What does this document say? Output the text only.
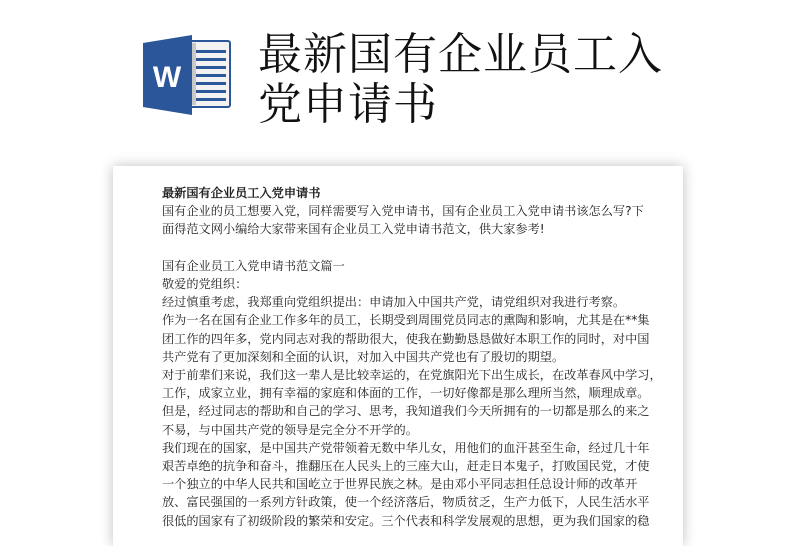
W 最新国有企业员工入党申请书

最新国有企业员工入党申请书

国有企业的员工想要入党，同样需要写入党申请书，国有企业员工入党申请书该怎么写?下

面得范文网小编给大家带来国有企业员工入党申请书范文，供大家参考!

国有企业员工入党申请书范文篇一

敬爱的党组织：

经过慎重考虑，我郑重向党组织提出：申请加入中国共产党，请党组织对我进行考察。

作为一名在国有企业工作多年的员工，长期受到周围党员同志的熏陶和影响，尤其是在**集

团工作的四年多，党内同志对我的帮助很大，使我在勤勤恳恳做好本职工作的同时，对中国

共产党有了更加深刻和全面的认识，对加入中国共产党也有了殷切的期望。

对于前辈们来说，我们这一辈人是比较幸运的，在党旗阳光下出生成长，在改革春风中学习，

工作，成家立业，拥有幸福的家庭和体面的工作，一切好像都是那么理所当然，顺理成章。

但是，经过同志的帮助和自己的学习、思考，我知道我们今天所拥有的一切都是那么的来之

不易，与中国共产党的领导是完全分不开学的。

我们现在的国家，是中国共产党带领着无数中华儿女，用他们的血汗甚至生命，经过几十年

艰苦卓绝的抗争和奋斗，推翻压在人民头上的三座大山，赶走日本鬼子，打败国民党，才使

一个独立的中华人民共和国屹立于世界民族之林。是由邓小平同志担任总设计师的改革开

放、富民强国的一系列方针政策，使一个经济落后，物质贫乏，生产力低下，人民生活水平

很低的国家有了初级阶段的繁荣和安定。三个代表和科学发展观的思想，更为我们国家的稳
